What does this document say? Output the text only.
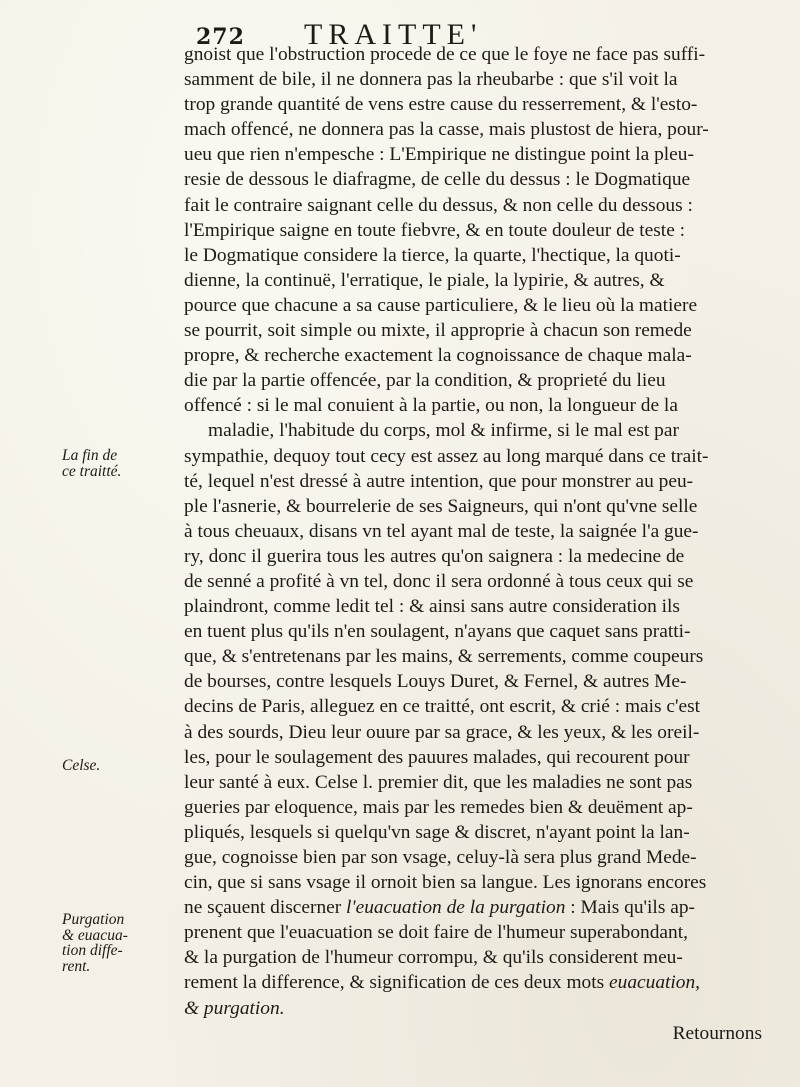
272 TRAITTE'
La fin de
ce traitté.
Celse.
Purgation
& euacua-
tion diffe-
rent.
gnoist que l'obstruction procede de ce que le foye ne face pas suffi-
samment de bile, il ne donnera pas la rheubarbe : que s'il voit la
trop grande quantité de vens estre cause du resserrement, & l'esto-
mach offencé, ne donnera pas la casse, mais plustost de hiera, pour-
ueu que rien n'empesche : L'Empirique ne distingue point la pleu-
resie de dessous le diafragme, de celle du dessus : le Dogmatique
fait le contraire saignant celle du dessus, & non celle du dessous :
l'Empirique saigne en toute fiebvre, & en toute douleur de teste :
le Dogmatique considere la tierce, la quarte, l'hectique, la quoti-
dienne, la continuë, l'erratique, le piale, la lypirie, & autres, &
pource que chacune a sa cause particuliere, & le lieu où la matiere
se pourrit, soit simple ou mixte, il approprie à chacun son remede
propre, & recherche exactement la cognoissance de chaque mala-
die par la partie offencée, par la condition, & proprieté du lieu
offencé : si le mal conuient à la partie, ou non, la longueur de la
maladie, l'habitude du corps, mol & infirme, si le mal est par
sympathie, dequoy tout cecy est assez au long marqué dans ce trait-
té, lequel n'est dressé à autre intention, que pour monstrer au peu-
ple l'asnerie, & bourrelerie de ses Saigneurs, qui n'ont qu'vne selle
à tous cheuaux, disans vn tel ayant mal de teste, la saignée l'a gue-
ry, donc il guerira tous les autres qu'on saignera : la medecine de
de senné a profité à vn tel, donc il sera ordonné à tous ceux qui se
plaindront, comme ledit tel : & ainsi sans autre consideration ils
en tuent plus qu'ils n'en soulagent, n'ayans que caquet sans pratti-
que, & s'entretenans par les mains, & serrements, comme coupeurs
de bourses, contre lesquels Louys Duret, & Fernel, & autres Me-
decins de Paris, alleguez en ce traitté, ont escrit, & crié : mais c'est
à des sourds, Dieu leur ouure par sa grace, & les yeux, & les oreil-
les, pour le soulagement des pauures malades, qui recourent pour
leur santé à eux. Celse l. premier dit, que les maladies ne sont pas
gueries par eloquence, mais par les remedes bien & deuëment ap-
pliqués, lesquels si quelqu'vn sage & discret, n'ayant point la lan-
gue, cognoisse bien par son vsage, celuy-là sera plus grand Mede-
cin, que si sans vsage il ornoit bien sa langue. Les ignorans encores
ne sçauent discerner l'euacuation de la purgation : Mais qu'ils ap-
prenent que l'euacuation se doit faire de l'humeur superabondant,
& la purgation de l'humeur corrompu, & qu'ils considerent meu-
rement la difference, & signification de ces deux mots euacuation,
& purgation.
Retournons
